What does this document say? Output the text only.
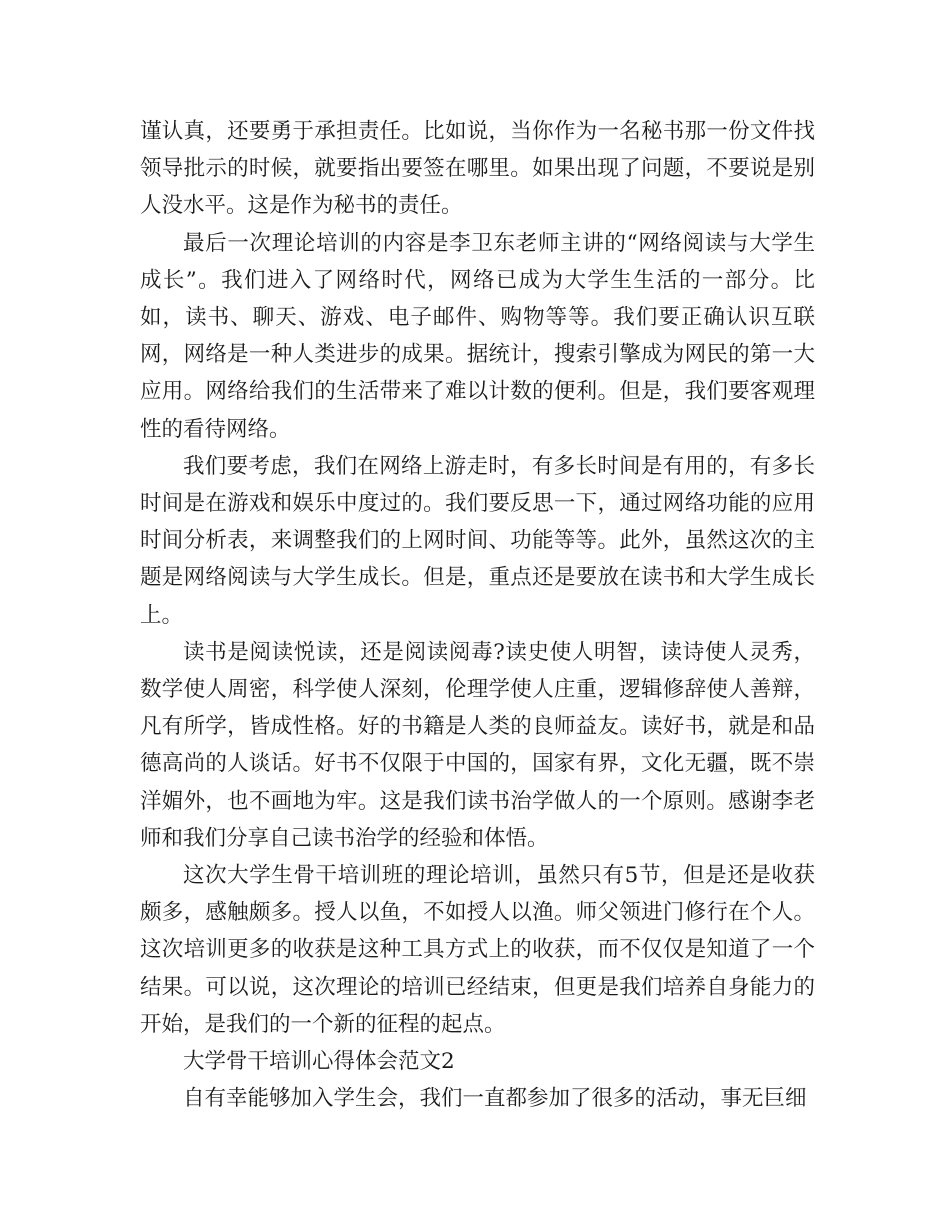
谨认真，还要勇于承担责任。比如说，当你作为一名秘书那一份文件找领导批示的时候，就要指出要签在哪里。如果出现了问题，不要说是别人没水平。这是作为秘书的责任。

最后一次理论培训的内容是李卫东老师主讲的“网络阅读与大学生成长”。我们进入了网络时代，网络已成为大学生生活的一部分。比如，读书、聊天、游戏、电子邮件、购物等等。我们要正确认识互联网，网络是一种人类进步的成果。据统计，搜索引擎成为网民的第一大应用。网络给我们的生活带来了难以计数的便利。但是，我们要客观理性的看待网络。

我们要考虑，我们在网络上游走时，有多长时间是有用的，有多长时间是在游戏和娱乐中度过的。我们要反思一下，通过网络功能的应用时间分析表，来调整我们的上网时间、功能等等。此外，虽然这次的主题是网络阅读与大学生成长。但是，重点还是要放在读书和大学生成长上。

读书是阅读悦读，还是阅读阅毒?读史使人明智，读诗使人灵秀，数学使人周密，科学使人深刻，伦理学使人庄重，逻辑修辞使人善辩，凡有所学，皆成性格。好的书籍是人类的良师益友。读好书，就是和品德高尚的人谈话。好书不仅限于中国的，国家有界，文化无疆，既不崇洋媚外，也不画地为牢。这是我们读书治学做人的一个原则。感谢李老师和我们分享自己读书治学的经验和体悟。

这次大学生骨干培训班的理论培训，虽然只有5节，但是还是收获颇多，感触颇多。授人以鱼，不如授人以渔。师父领进门修行在个人。这次培训更多的收获是这种工具方式上的收获，而不仅仅是知道了一个结果。可以说，这次理论的培训已经结束，但更是我们培养自身能力的开始，是我们的一个新的征程的起点。

大学骨干培训心得体会范文2

自有幸能够加入学生会，我们一直都参加了很多的活动，事无巨细
